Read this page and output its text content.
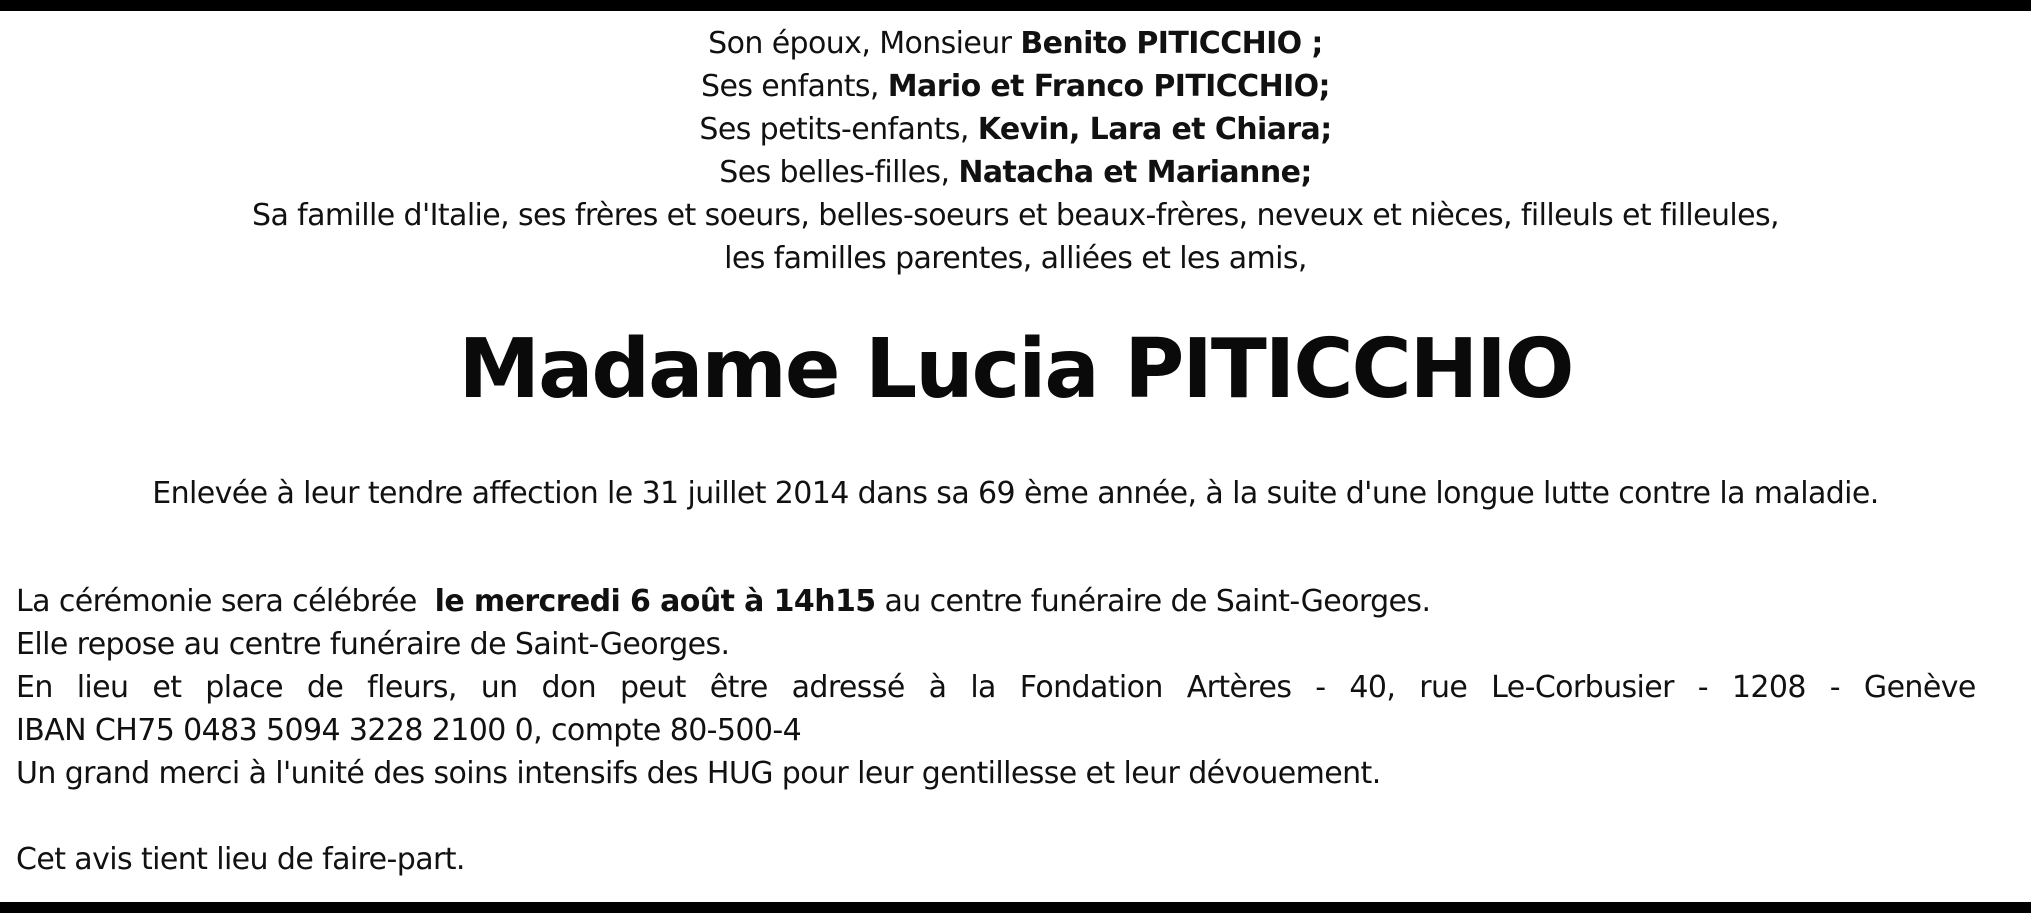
Son époux, Monsieur Benito PITICCHIO ;
Ses enfants, Mario et Franco PITICCHIO;
Ses petits-enfants, Kevin, Lara et Chiara;
Ses belles-filles, Natacha et Marianne;
Sa famille d'Italie, ses frères et soeurs, belles-soeurs et beaux-frères, neveux et nièces, filleuls et filleules,
les familles parentes, alliées et les amis,
Madame Lucia PITICCHIO
Enlevée à leur tendre affection le 31 juillet 2014 dans sa 69 ème année, à la suite d'une longue lutte contre la maladie.
La cérémonie sera célébrée le mercredi 6 août à 14h15 au centre funéraire de Saint-Georges.
Elle repose au centre funéraire de Saint-Georges.
En lieu et place de fleurs, un don peut être adressé à la Fondation Artères - 40, rue Le-Corbusier - 1208 - Genève
IBAN CH75 0483 5094 3228 2100 0, compte 80-500-4
Un grand merci à l'unité des soins intensifs des HUG pour leur gentillesse et leur dévouement.
Cet avis tient lieu de faire-part.
